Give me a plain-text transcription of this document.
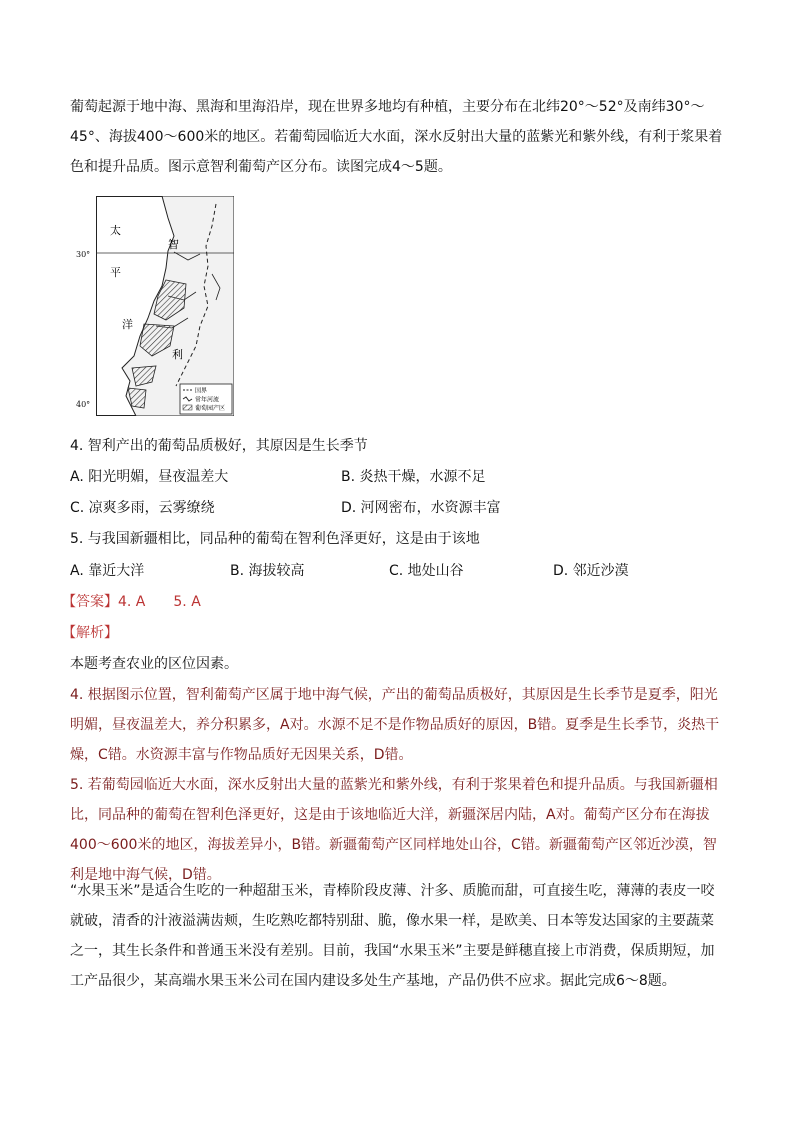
葡萄起源于地中海、黑海和里海沿岸，现在世界多地均有种植，主要分布在北纬20°～52°及南纬30°～45°、海拔400～600米的地区。若葡萄园临近大水面，深水反射出大量的蓝紫光和紫外线，有利于浆果着色和提升品质。图示意智利葡萄产区分布。读图完成4～5题。

30°
40°
太
平
洋
智
利
国界
常年河流
葡萄园产区
4. 智利产出的葡萄品质极好，其原因是生长季节
A. 阳光明媚，昼夜温差大	B. 炎热干燥，水源不足
C. 凉爽多雨，云雾缭绕	D. 河网密布，水资源丰富
5. 与我国新疆相比，同品种的葡萄在智利色泽更好，这是由于该地
A. 靠近大洋	B. 海拔较高	C. 地处山谷	D. 邻近沙漠
【答案】4. A 5. A
【解析】
本题考查农业的区位因素。

4. 根据图示位置，智利葡萄产区属于地中海气候，产出的葡萄品质极好，其原因是生长季节是夏季，阳光明媚，昼夜温差大，养分积累多，A对。水源不足不是作物品质好的原因，B错。夏季是生长季节，炎热干燥，C错。水资源丰富与作物品质好无因果关系，D错。

5. 若葡萄园临近大水面，深水反射出大量的蓝紫光和紫外线，有利于浆果着色和提升品质。与我国新疆相比，同品种的葡萄在智利色泽更好，这是由于该地临近大洋，新疆深居内陆，A对。葡萄产区分布在海拔400～600米的地区，海拔差异小，B错。新疆葡萄产区同样地处山谷，C错。新疆葡萄产区邻近沙漠，智利是地中海气候，D错。

“水果玉米”是适合生吃的一种超甜玉米，青棒阶段皮薄、汁多、质脆而甜，可直接生吃，薄薄的表皮一咬就破，清香的汁液溢满齿颊，生吃熟吃都特别甜、脆，像水果一样，是欧美、日本等发达国家的主要蔬菜之一，其生长条件和普通玉米没有差别。目前，我国“水果玉米”主要是鲜穗直接上市消费，保质期短，加工产品很少，某高端水果玉米公司在国内建设多处生产基地，产品仍供不应求。据此完成6～8题。
